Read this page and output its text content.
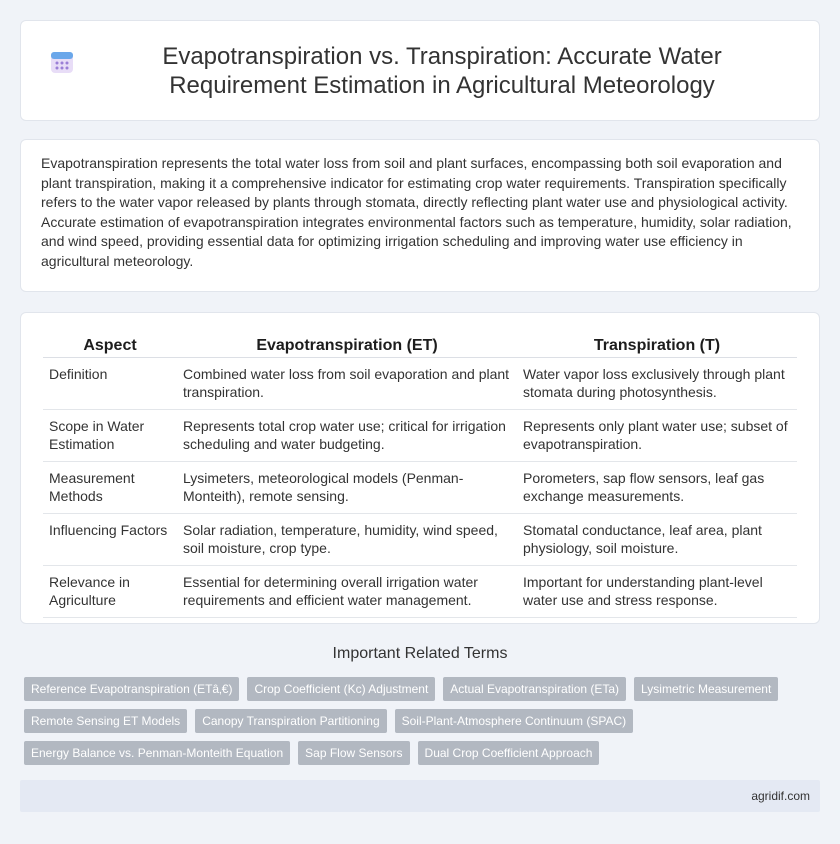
Evapotranspiration vs. Transpiration: Accurate Water Requirement Estimation in Agricultural Meteorology

Evapotranspiration represents the total water loss from soil and plant surfaces, encompassing both soil evaporation and plant transpiration, making it a comprehensive indicator for estimating crop water requirements. Transpiration specifically refers to the water vapor released by plants through stomata, directly reflecting plant water use and physiological activity. Accurate estimation of evapotranspiration integrates environmental factors such as temperature, humidity, solar radiation, and wind speed, providing essential data for optimizing irrigation scheduling and improving water use efficiency in agricultural meteorology.

Aspect	Evapotranspiration (ET)	Transpiration (T)
Definition	Combined water loss from soil evaporation and plant transpiration.	Water vapor loss exclusively through plant stomata during photosynthesis.
Scope in Water Estimation	Represents total crop water use; critical for irrigation scheduling and water budgeting.	Represents only plant water use; subset of evapotranspiration.
Measurement Methods	Lysimeters, meteorological models (Penman-Monteith), remote sensing.	Porometers, sap flow sensors, leaf gas exchange measurements.
Influencing Factors	Solar radiation, temperature, humidity, wind speed, soil moisture, crop type.	Stomatal conductance, leaf area, plant physiology, soil moisture.
Relevance in Agriculture	Essential for determining overall irrigation water requirements and efficient water management.	Important for understanding plant-level water use and stress response.
Important Related Terms
Reference Evapotranspiration (ETâ‚€)	Crop Coefficient (Kc) Adjustment	Actual Evapotranspiration (ETa)	Lysimetric Measurement
Remote Sensing ET Models	Canopy Transpiration Partitioning	Soil-Plant-Atmosphere Continuum (SPAC)
Energy Balance vs. Penman-Monteith Equation	Sap Flow Sensors	Dual Crop Coefficient Approach
agridif.com
